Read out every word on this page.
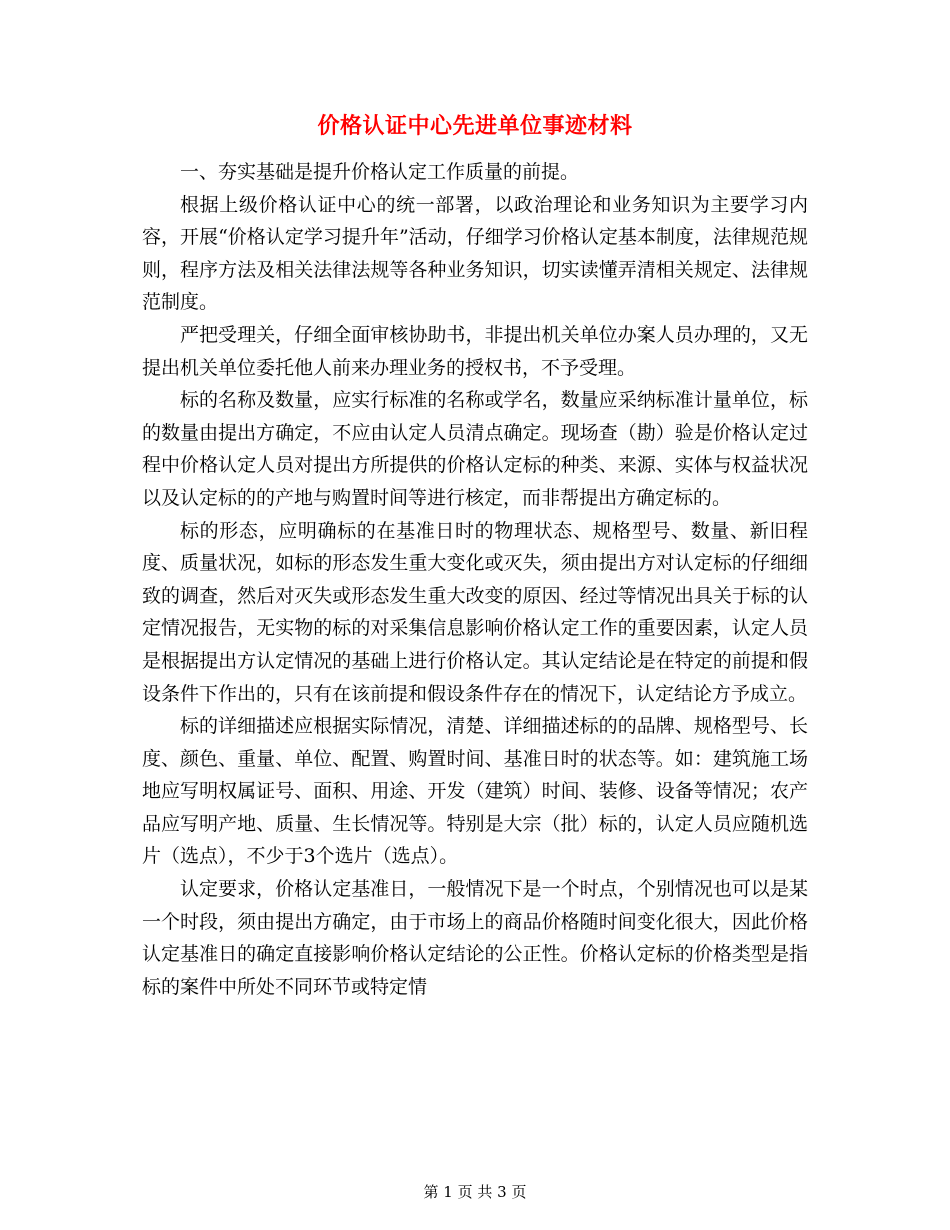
价格认证中心先进单位事迹材料

一、夯实基础是提升价格认定工作质量的前提。

根据上级价格认证中心的统一部署，以政治理论和业务知识为主要学习内容，开展“价格认定学习提升年”活动，仔细学习价格认定基本制度，法律规范规则，程序方法及相关法律法规等各种业务知识，切实读懂弄清相关规定、法律规范制度。

严把受理关，仔细全面审核协助书，非提出机关单位办案人员办理的，又无提出机关单位委托他人前来办理业务的授权书，不予受理。

标的名称及数量，应实行标准的名称或学名，数量应采纳标准计量单位，标的数量由提出方确定，不应由认定人员清点确定。现场查（勘）验是价格认定过程中价格认定人员对提出方所提供的价格认定标的种类、来源、实体与权益状况以及认定标的的产地与购置时间等进行核定，而非帮提出方确定标的。

标的形态，应明确标的在基准日时的物理状态、规格型号、数量、新旧程度、质量状况，如标的形态发生重大变化或灭失，须由提出方对认定标的仔细细致的调查，然后对灭失或形态发生重大改变的原因、经过等情况出具关于标的认定情况报告，无实物的标的对采集信息影响价格认定工作的重要因素，认定人员是根据提出方认定情况的基础上进行价格认定。其认定结论是在特定的前提和假设条件下作出的，只有在该前提和假设条件存在的情况下，认定结论方予成立。

标的详细描述应根据实际情况，清楚、详细描述标的的品牌、规格型号、长度、颜色、重量、单位、配置、购置时间、基准日时的状态等。如：建筑施工场地应写明权属证号、面积、用途、开发（建筑）时间、装修、设备等情况；农产品应写明产地、质量、生长情况等。特别是大宗（批）标的，认定人员应随机选片（选点），不少于3个选片（选点）。

认定要求，价格认定基准日，一般情况下是一个时点，个别情况也可以是某一个时段，须由提出方确定，由于市场上的商品价格随时间变化很大，因此价格认定基准日的确定直接影响价格认定结论的公正性。价格认定标的价格类型是指标的案件中所处不同环节或特定情

第 1 页 共 3 页
